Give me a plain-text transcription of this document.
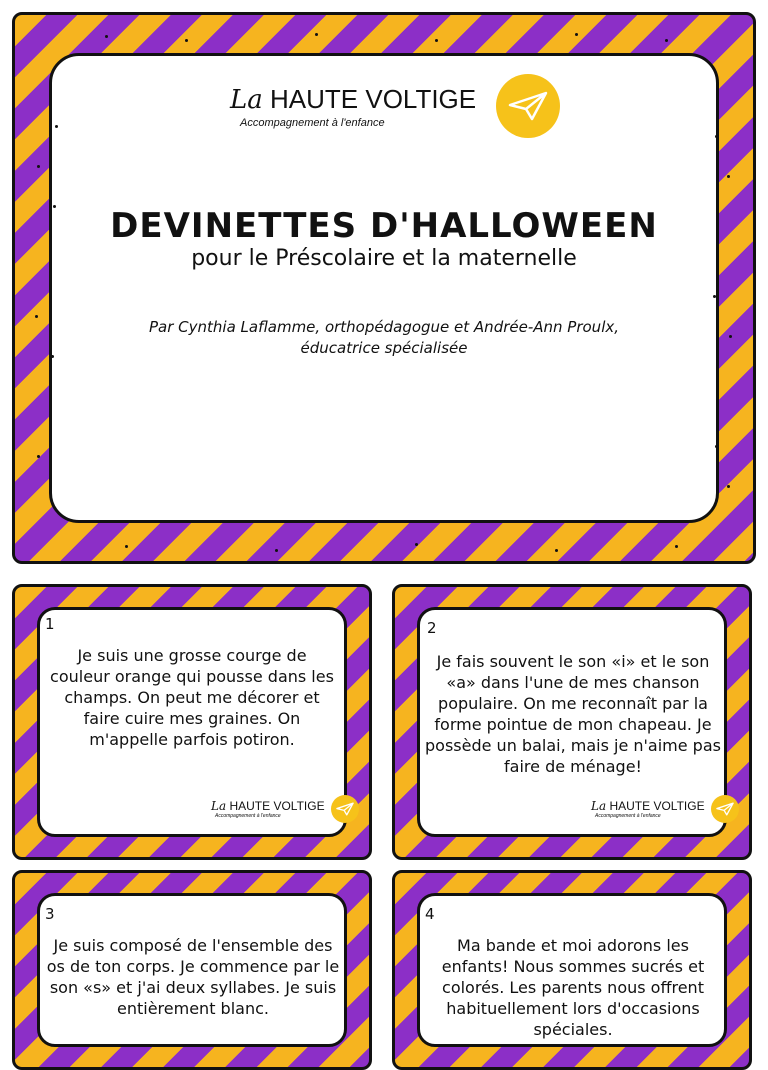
La HAUTE VOLTIGE
Accompagnement à l'enfance
DEVINETTES D'HALLOWEEN
pour le Préscolaire et la maternelle
Par Cynthia Laflamme, orthopédagogue et Andrée-Ann Proulx,
éducatrice spécialisée
1
Je suis une grosse courge de couleur orange qui pousse dans les champs. On peut me décorer et faire cuire mes graines. On m'appelle parfois potiron.
La HAUTE VOLTIGE
Accompagnement à l'enfance
2
Je fais souvent le son «i» et le son «a» dans l'une de mes chanson populaire. On me reconnaît par la forme pointue de mon chapeau. Je possède un balai, mais je n'aime pas faire de ménage!
La HAUTE VOLTIGE
Accompagnement à l'enfance
3
Je suis composé de l'ensemble des os de ton corps. Je commence par le son «s» et j'ai deux syllabes. Je suis entièrement blanc.
4
Ma bande et moi adorons les enfants! Nous sommes sucrés et colorés. Les parents nous offrent habituellement lors d'occasions spéciales.
